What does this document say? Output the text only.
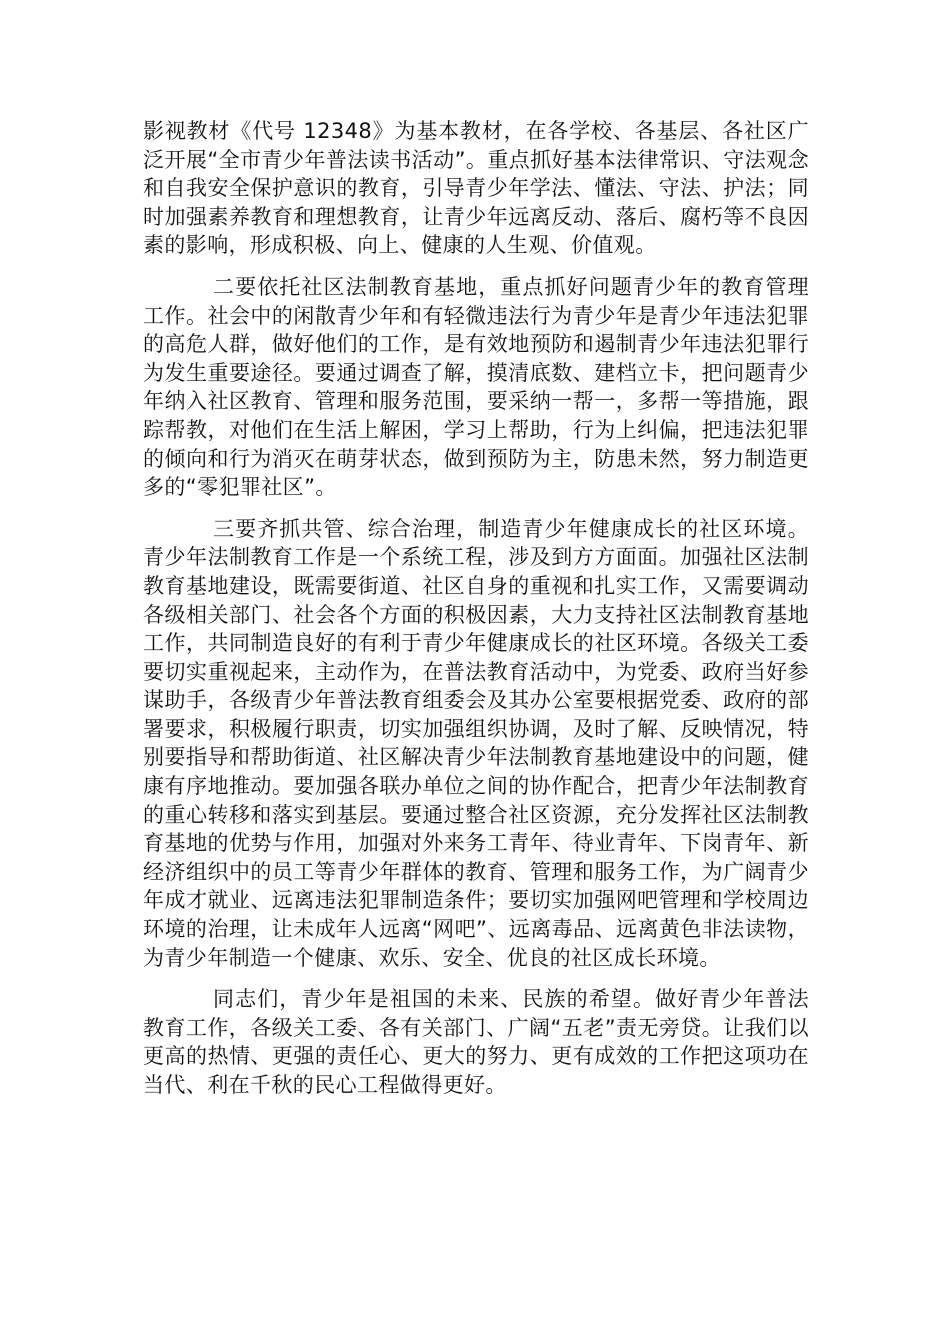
影视教材《代号 12348》为基本教材，在各学校、各基层、各社区广泛开展“全市青少年普法读书活动”。重点抓好基本法律常识、守法观念和自我安全保护意识的教育，引导青少年学法、懂法、守法、护法；同时加强素养教育和理想教育，让青少年远离反动、落后、腐朽等不良因素的影响，形成积极、向上、健康的人生观、价值观。

二要依托社区法制教育基地，重点抓好问题青少年的教育管理工作。社会中的闲散青少年和有轻微违法行为青少年是青少年违法犯罪的高危人群，做好他们的工作，是有效地预防和遏制青少年违法犯罪行为发生重要途径。要通过调查了解，摸清底数、建档立卡，把问题青少年纳入社区教育、管理和服务范围，要采纳一帮一，多帮一等措施，跟踪帮教，对他们在生活上解困，学习上帮助，行为上纠偏，把违法犯罪的倾向和行为消灭在萌芽状态，做到预防为主，防患未然，努力制造更多的“零犯罪社区”。

三要齐抓共管、综合治理，制造青少年健康成长的社区环境。青少年法制教育工作是一个系统工程，涉及到方方面面。加强社区法制教育基地建设，既需要街道、社区自身的重视和扎实工作，又需要调动各级相关部门、社会各个方面的积极因素，大力支持社区法制教育基地工作，共同制造良好的有利于青少年健康成长的社区环境。各级关工委要切实重视起来，主动作为，在普法教育活动中，为党委、政府当好参谋助手，各级青少年普法教育组委会及其办公室要根据党委、政府的部署要求，积极履行职责，切实加强组织协调，及时了解、反映情况，特别要指导和帮助街道、社区解决青少年法制教育基地建设中的问题，健康有序地推动。要加强各联办单位之间的协作配合，把青少年法制教育的重心转移和落实到基层。要通过整合社区资源，充分发挥社区法制教育基地的优势与作用，加强对外来务工青年、待业青年、下岗青年、新经济组织中的员工等青少年群体的教育、管理和服务工作，为广阔青少年成才就业、远离违法犯罪制造条件；要切实加强网吧管理和学校周边环境的治理，让未成年人远离“网吧”、远离毒品、远离黄色非法读物，为青少年制造一个健康、欢乐、安全、优良的社区成长环境。

同志们，青少年是祖国的未来、民族的希望。做好青少年普法教育工作，各级关工委、各有关部门、广阔“五老”责无旁贷。让我们以更高的热情、更强的责任心、更大的努力、更有成效的工作把这项功在当代、利在千秋的民心工程做得更好。
